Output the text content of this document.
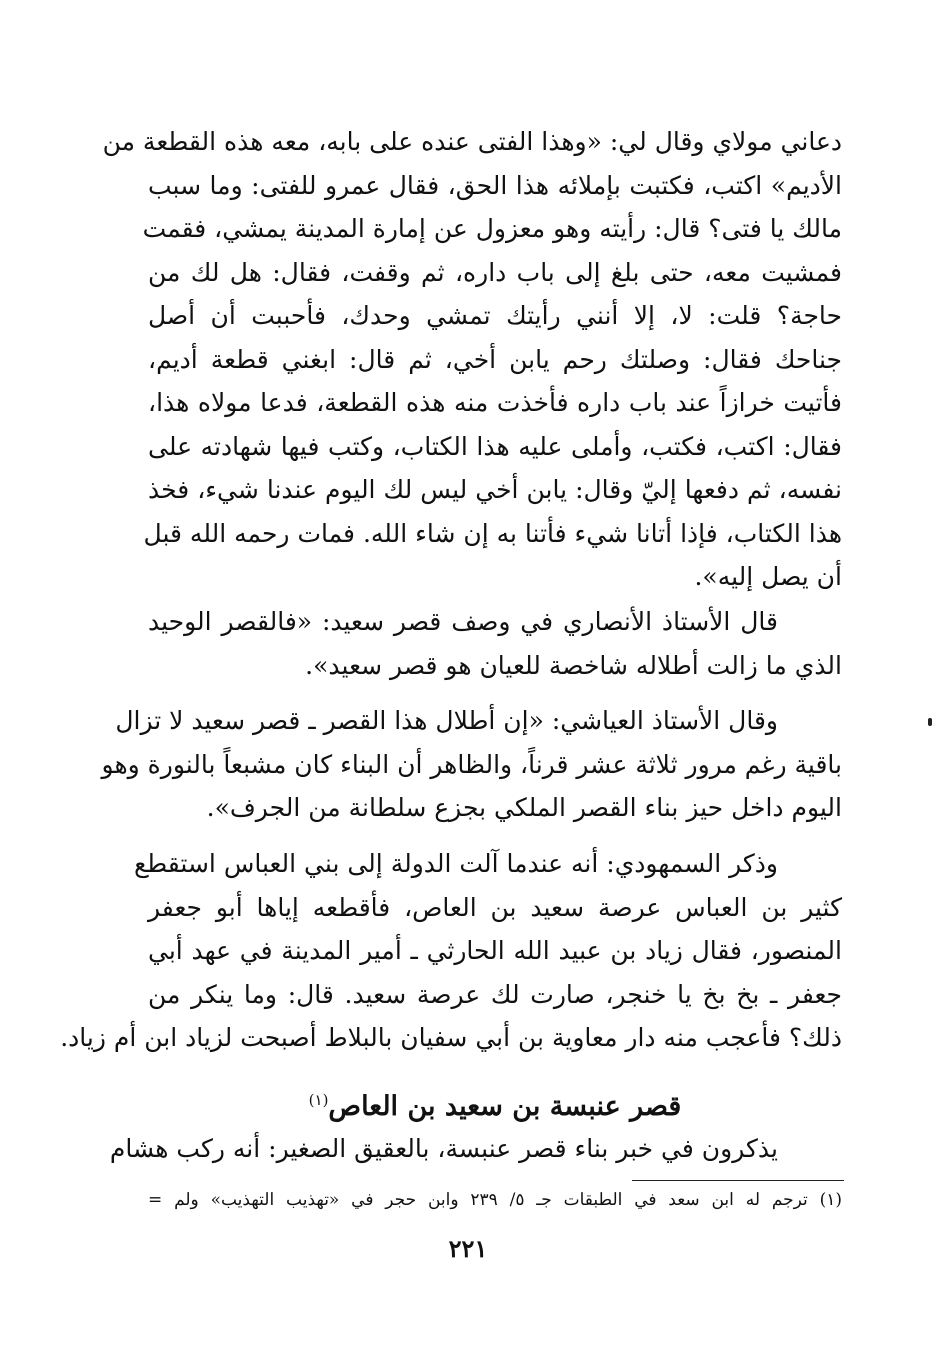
دعاني مولاي وقال لي: «وهذا الفتى عنده على بابه، معه هذه القطعة من
الأديم» اكتب، فكتبت بإملائه هذا الحق، فقال عمرو للفتى: وما سبب
مالك يا فتى؟ قال: رأيته وهو معزول عن إمارة المدينة يمشي، فقمت
فمشيت معه، حتى بلغ إلى باب داره، ثم وقفت، فقال: هل لك من
حاجة؟ قلت: لا، إلا أنني رأيتك تمشي وحدك، فأحببت أن أصل
جناحك فقال: وصلتك رحم يابن أخي، ثم قال: ابغني قطعة أديم،
فأتيت خرازاً عند باب داره فأخذت منه هذه القطعة، فدعا مولاه هذا،
فقال: اكتب، فكتب، وأملى عليه هذا الكتاب، وكتب فيها شهادته على
نفسه، ثم دفعها إليّ وقال: يابن أخي ليس لك اليوم عندنا شيء، فخذ
هذا الكتاب، فإذا أتانا شيء فأتنا به إن شاء الله. فمات رحمه الله قبل
أن يصل إليه».
قال الأستاذ الأنصاري في وصف قصر سعيد: «فالقصر الوحيد
الذي ما زالت أطلاله شاخصة للعيان هو قصر سعيد».
وقال الأستاذ العياشي: «إن أطلال هذا القصر ـ قصر سعيد لا تزال
باقية رغم مرور ثلاثة عشر قرناً، والظاهر أن البناء كان مشبعاً بالنورة وهو
اليوم داخل حيز بناء القصر الملكي بجزع سلطانة من الجرف».
وذكر السمهودي: أنه عندما آلت الدولة إلى بني العباس استقطع
كثير بن العباس عرصة سعيد بن العاص، فأقطعه إياها أبو جعفر
المنصور، فقال زياد بن عبيد الله الحارثي ـ أمير المدينة في عهد أبي
جعفر ـ بخ بخ يا خنجر، صارت لك عرصة سعيد. قال: وما ينكر من
ذلك؟ فأعجب منه دار معاوية بن أبي سفيان بالبلاط أصبحت لزياد ابن أم زياد.
قصر عنبسة بن سعيد بن العاص$^{(١)}$
يذكرون في خبر بناء قصر عنبسة، بالعقيق الصغير: أنه ركب هشام
(١) ترجم له ابن سعد في الطبقات جـ ٥/ ٢٣٩ وابن حجر في «تهذيب التهذيب» ولم =
٢٢١
